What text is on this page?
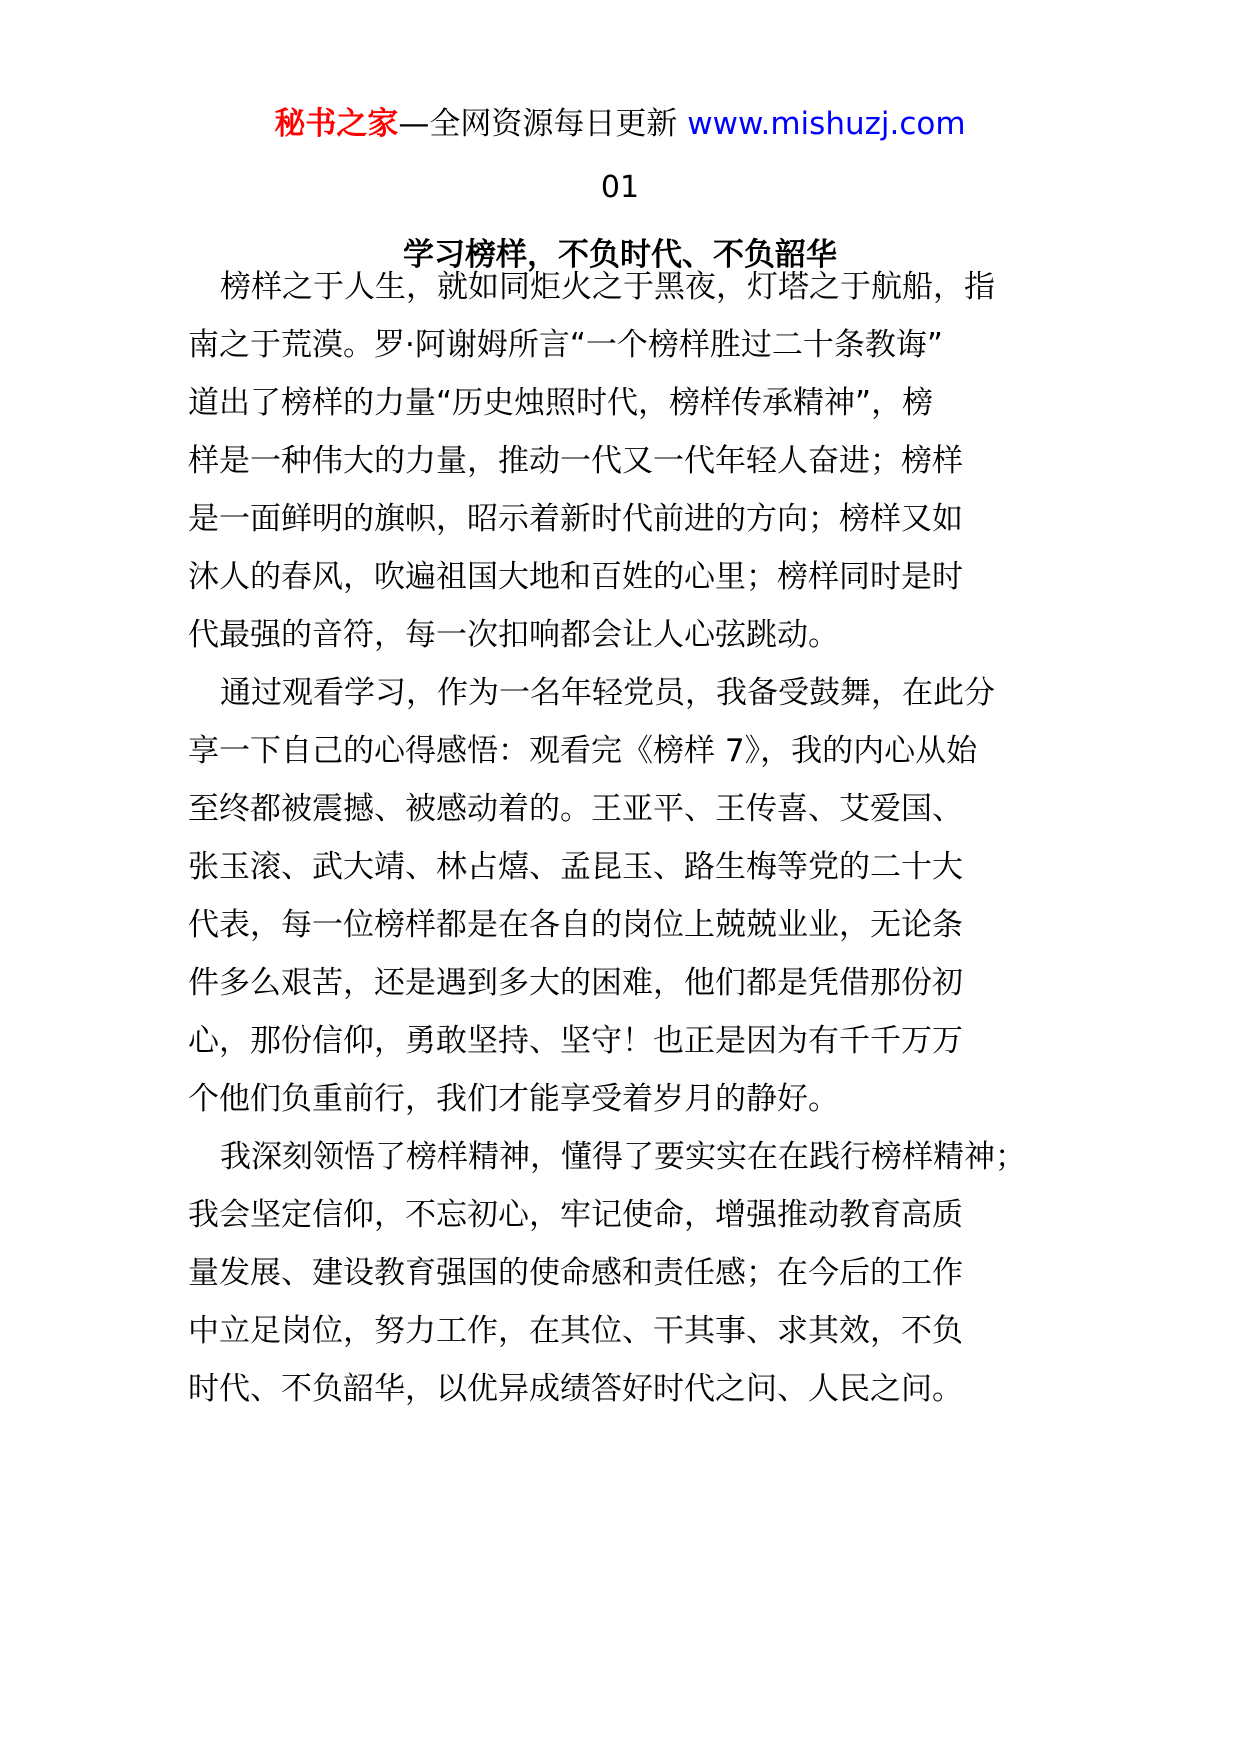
秘书之家—全网资源每日更新 www.mishuzj.com
01
学习榜样，不负时代、不负韶华

榜样之于人生，就如同炬火之于黑夜，灯塔之于航船，指

南之于荒漠。罗·阿谢姆所言“一个榜样胜过二十条教诲”

道出了榜样的力量“历史烛照时代，榜样传承精神”，榜

样是一种伟大的力量，推动一代又一代年轻人奋进；榜样

是一面鲜明的旗帜，昭示着新时代前进的方向；榜样又如

沐人的春风，吹遍祖国大地和百姓的心里；榜样同时是时

代最强的音符，每一次扣响都会让人心弦跳动。

通过观看学习，作为一名年轻党员，我备受鼓舞，在此分

享一下自己的心得感悟：观看完《榜样 7》，我的内心从始

至终都被震撼、被感动着的。王亚平、王传喜、艾爱国、

张玉滚、武大靖、林占熺、孟昆玉、路生梅等党的二十大

代表，每一位榜样都是在各自的岗位上兢兢业业，无论条

件多么艰苦，还是遇到多大的困难，他们都是凭借那份初

心，那份信仰，勇敢坚持、坚守！也正是因为有千千万万

个他们负重前行，我们才能享受着岁月的静好。

我深刻领悟了榜样精神，懂得了要实实在在践行榜样精神；

我会坚定信仰，不忘初心，牢记使命，增强推动教育高质

量发展、建设教育强国的使命感和责任感；在今后的工作

中立足岗位，努力工作，在其位、干其事、求其效，不负

时代、不负韶华，以优异成绩答好时代之问、人民之问。
